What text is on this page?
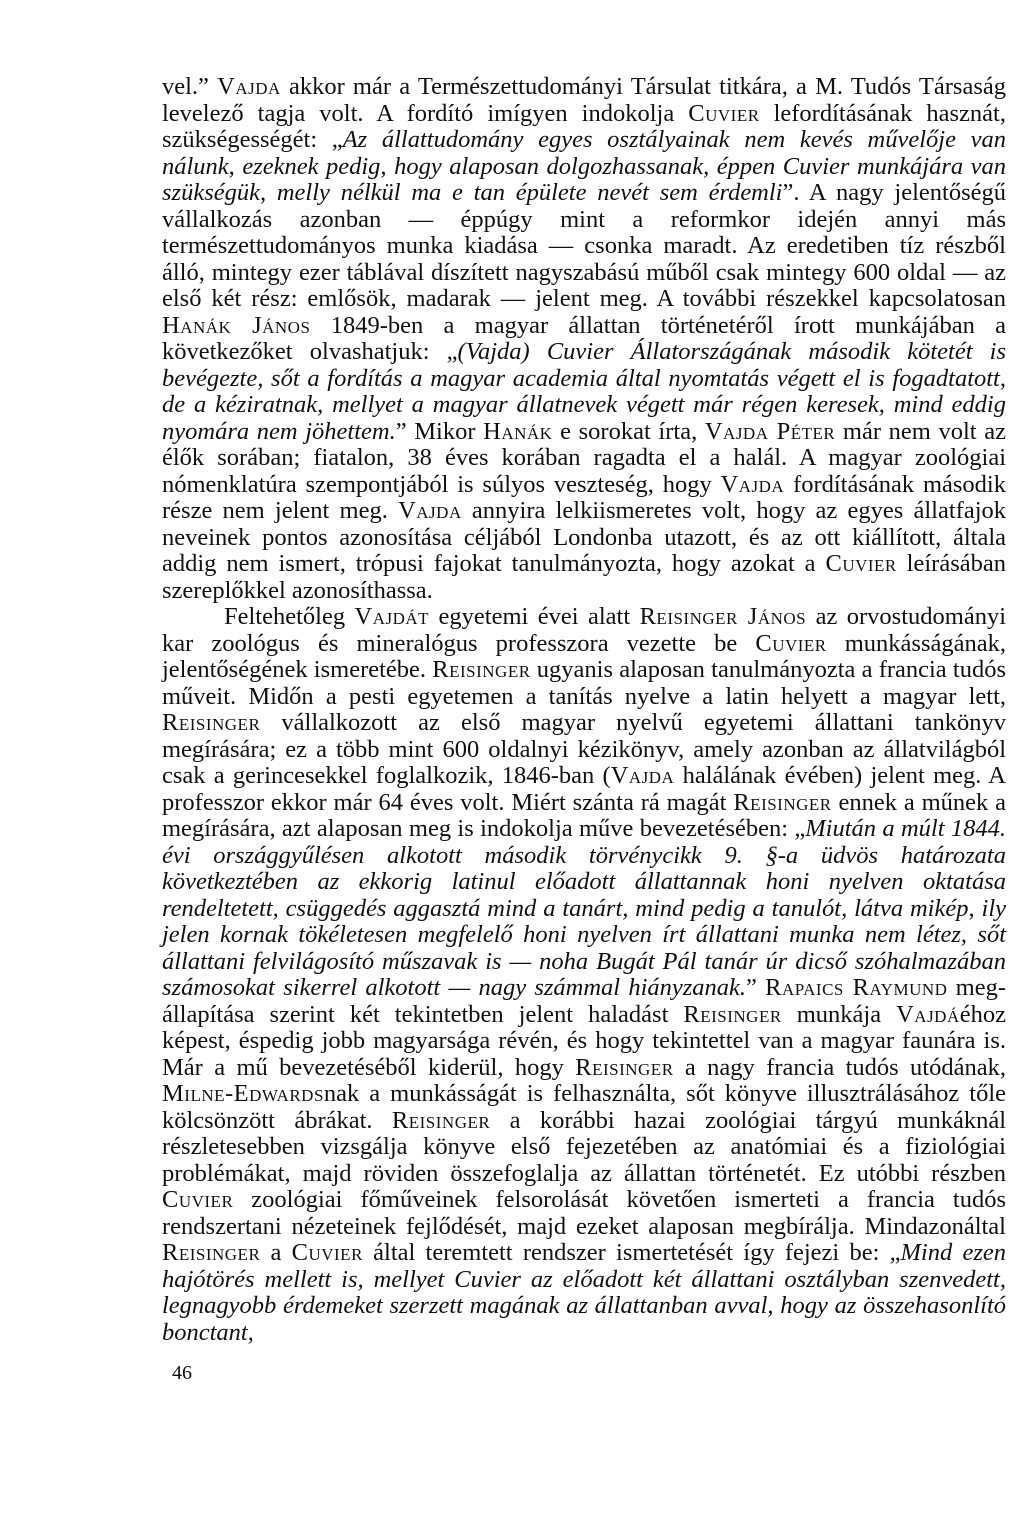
vel.” Vajda akkor már a Természettudományi Társulat titkára, a M. Tudós Társaság levelező tagja volt. A fordító imígyen indokolja Cuvier lefordításának hasznát, szükségességét: „Az állattudomány egyes osztályainak nem kevés művelője van nálunk, ezeknek pedig, hogy alaposan dolgozhassanak, éppen Cuvier munkájára van szükségük, melly nélkül ma e tan épülete nevét sem érdemli”. A nagy jelentőségű vállalkozás azonban — éppúgy mint a reformkor idején annyi más természettudományos munka kiadása — csonka maradt. Az eredetiben tíz részből álló, mintegy ezer táblával díszített nagyszabású műből csak mintegy 600 oldal — az első két rész: emlősök, madarak — jelent meg. A további részekkel kapcsolatosan Hanák János 1849-ben a magyar állattan történetéről írott munkájában a következőket olvashatjuk: „(Vajda) Cuvier Állatországának második kötetét is bevégezte, sőt a fordítás a magyar academia által nyomtatás végett el is fogadtatott, de a kéziratnak, mellyet a magyar állatnevek végett már régen keresek, mind eddig nyomára nem jöhettem.” Mikor Hanák e sorokat írta, Vajda Péter már nem volt az élők sorában; fiatalon, 38 éves korában ragadta el a halál. A magyar zoológiai nómenklatúra szempontjából is súlyos veszteség, hogy Vajda fordításának második része nem jelent meg. Vajda annyira lelkiismeretes volt, hogy az egyes állatfajok neveinek pontos azonosítása céljából Londonba utazott, és az ott kiállított, általa addig nem ismert, trópusi fajokat tanulmányozta, hogy azokat a Cuvier leírásában szereplőkkel azonosíthassa.

Feltehetőleg Vajdát egyetemi évei alatt Reisinger János az orvostudományi kar zoológus és mineralógus professzora vezette be Cuvier munkásságának, jelentőségének ismeretébe. Reisinger ugyanis alaposan tanulmányozta a francia tudós műveit. Midőn a pesti egyetemen a tanítás nyelve a latin helyett a magyar lett, Reisinger vállalkozott az első magyar nyelvű egyetemi állattani tankönyv megírására; ez a több mint 600 oldalnyi kézikönyv, amely azonban az állatvilágból csak a gerincesekkel foglalkozik, 1846-ban (Vajda halálának évében) jelent meg. A professzor ekkor már 64 éves volt. Miért szánta rá magát Reisinger ennek a műnek a megírására, azt alaposan meg is indokolja műve bevezetésében: „Miután a múlt 1844. évi országgyűlésen alkotott második törvénycikk 9. §-a üdvös határozata következtében az ekkorig latinul előadott állattannak honi nyelven oktatása rendeltetett, csüggedés aggasztá mind a tanárt, mind pedig a tanulót, látva mikép, ily jelen kornak tökéletesen megfelelő honi nyelven írt állattani munka nem létez, sőt állattani felvilágosító műszavak is — noha Bugát Pál tanár úr dicső szóhalmazában számosokat sikerrel alkotott — nagy számmal hiányzanak.” Rapaics Raymund megállapítása szerint két tekintetben jelent haladást Reisinger munkája Vajdáéhoz képest, éspedig jobb magyarsága révén, és hogy tekintettel van a magyar faunára is. Már a mű bevezetéséből kiderül, hogy Reisinger a nagy francia tudós utódának, Milne-Edwardsnak a munkásságát is felhasználta, sőt könyve illusztrálásához tőle kölcsönzött ábrákat. Reisinger a korábbi hazai zoológiai tárgyú munkáknál részletesebben vizsgálja könyve első fejezetében az anatómiai és a fiziológiai problémákat, majd röviden összefoglalja az állattan történetét. Ez utóbbi részben Cuvier zoológiai főműveinek felsorolását követően ismerteti a francia tudós rendszertani nézeteinek fejlődését, majd ezeket alaposan megbírálja. Mindazonáltal Reisinger a Cuvier által teremtett rendszer ismertetését így fejezi be: „Mind ezen hajótörés mellett is, mellyet Cuvier az előadott két állattani osztályban szenvedett, legnagyobb érdemeket szerzett magának az állattanban avval, hogy az összehasonlító bonctant,

46
